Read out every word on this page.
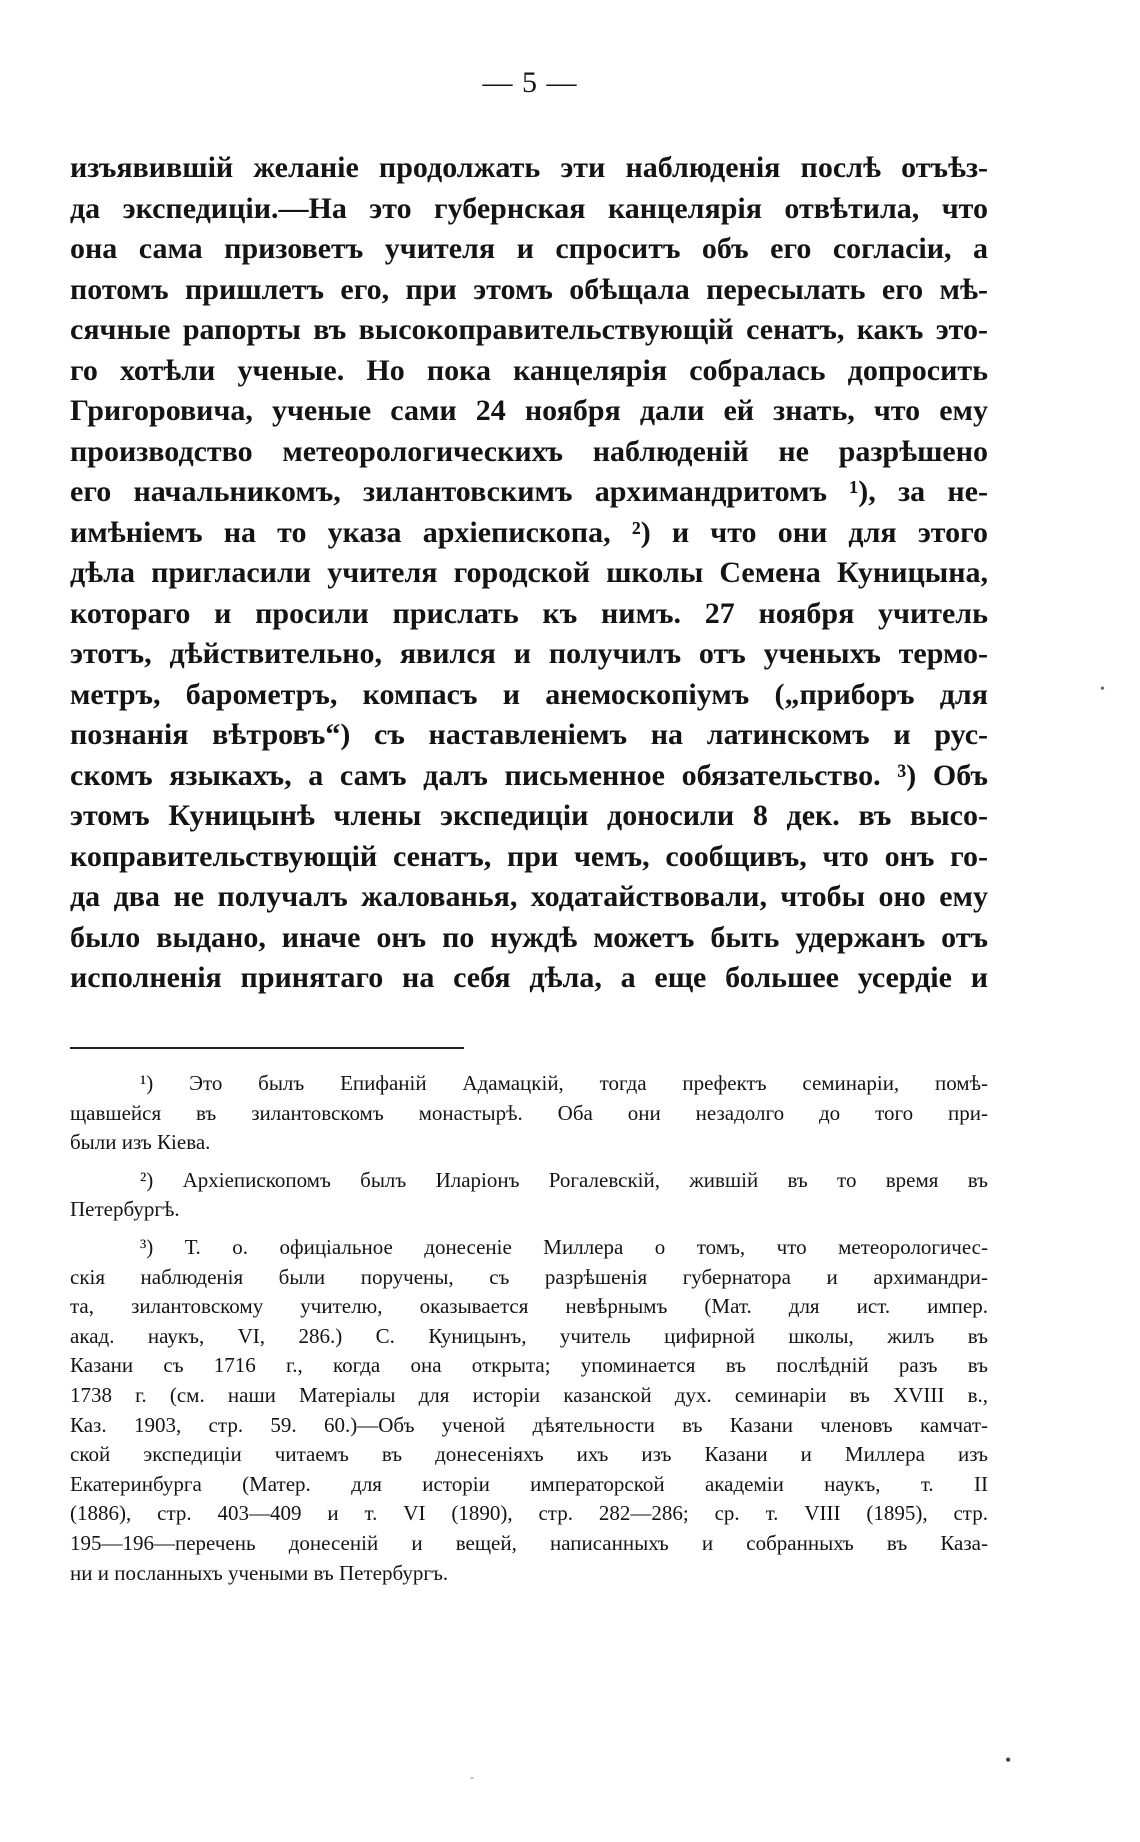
— 5 —
изъявившій желаніе продолжать эти наблюденія послѣ отъѣз-
да экспедиціи.—На это губернская канцелярія отвѣтила, что
она сама призоветъ учителя и спроситъ объ его согласіи, а
потомъ пришлетъ его, при этомъ обѣщала пересылать его мѣ-
сячные рапорты въ высокоправительствующій сенатъ, какъ это-
го хотѣли ученые. Но пока канцелярія собралась допросить
Григоровича, ученые сами 24 ноября дали ей знать, что ему
производство метеорологическихъ наблюденій не разрѣшено
его начальникомъ, зилантовскимъ архимандритомъ ¹), за не-
имѣніемъ на то указа архіепископа, ²) и что они для этого
дѣла пригласили учителя городской школы Семена Куницына,
котораго и просили прислать къ нимъ. 27 ноября учитель
этотъ, дѣйствительно, явился и получилъ отъ ученыхъ термо-
метръ, барометръ, компасъ и анемоскопіумъ („приборъ для
познанія вѣтровъ“) съ наставленіемъ на латинскомъ и рус-
скомъ языкахъ, а самъ далъ письменное обязательство. ³) Объ
этомъ Куницынѣ члены экспедиціи доносили 8 дек. въ высо-
коправительствующій сенатъ, при чемъ, сообщивъ, что онъ го-
да два не получалъ жалованья, ходатайствовали, чтобы оно ему
было выдано, иначе онъ по нуждѣ можетъ быть удержанъ отъ
исполненія принятаго на себя дѣла, а еще большее усердіе и
¹) Это былъ Епифаній Адамацкій, тогда префектъ семинаріи, помѣ-
щавшейся въ зилантовскомъ монастырѣ. Оба они незадолго до того при-
были изъ Кіева.
²) Архіепископомъ былъ Иларіонъ Рогалевскій, жившій въ то время въ
Петербургѣ.
³) Т. о. офиціальное донесеніе Миллера о томъ, что метеорологичес-
скія наблюденія были поручены, съ разрѣшенія губернатора и архимандри-
та, зилантовскому учителю, оказывается невѣрнымъ (Мат. для ист. импер.
акад. наукъ, VI, 286.) С. Куницынъ, учитель цифирной школы, жилъ въ
Казани съ 1716 г., когда она открыта; упоминается въ послѣдній разъ въ
1738 г. (см. наши Матеріалы для исторіи казанской дух. семинаріи въ XVIII в.,
Каз. 1903, стр. 59. 60.)—Объ ученой дѣятельности въ Казани членовъ камчат-
ской экспедиціи читаемъ въ донесеніяхъ ихъ изъ Казани и Миллера изъ
Екатеринбурга (Матер. для исторіи императорской академіи наукъ, т. II
(1886), стр. 403—409 и т. VI (1890), стр. 282—286; ср. т. VIII (1895), стр.
195—196—перечень донесеній и вещей, написанныхъ и собранныхъ въ Каза-
ни и посланныхъ учеными въ Петербургъ.
•
•
-
